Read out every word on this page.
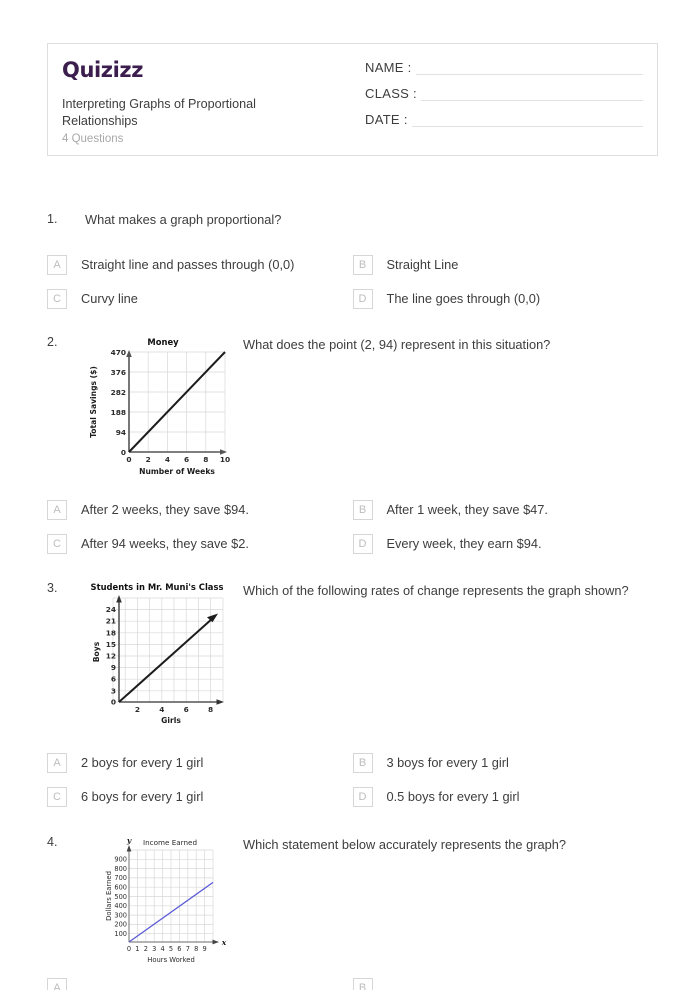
Quizizz
Interpreting Graphs of Proportional Relationships
4 Questions
NAME :
CLASS :
DATE :
1.	What makes a graph proportional?
A	Straight line and passes through (0,0)	B	Straight Line
C	Curvy line	D	The line goes through (0,0)
2.	Money
0
94
188
282
376
470
0 2 4 6 8 10
Number of Weeks
Total Savings ($)
What does the point (2, 94) represent in this situation?
A	After 2 weeks, they save $94.	B	After 1 week, they save $47.
C	After 94 weeks, they save $2.	D	Every week, they earn $94.
3.	Students in Mr. Muni's Class
0
3
6
9
12
15
18
21
24
2	4	6	8
Girls
Boys
Which of the following rates of change represents the graph shown?
A	2 boys for every 1 girl	B	3 boys for every 1 girl
C	6 boys for every 1 girl	D	0.5 boys for every 1 girl
4.	Income Earned
y
x
100
200
300
400
500
600
700
800
900
0 1 2 3 4 5 6 7 8 9
Hours Worked
Dollars Earned
Which statement below accurately represents the graph?
A	B
